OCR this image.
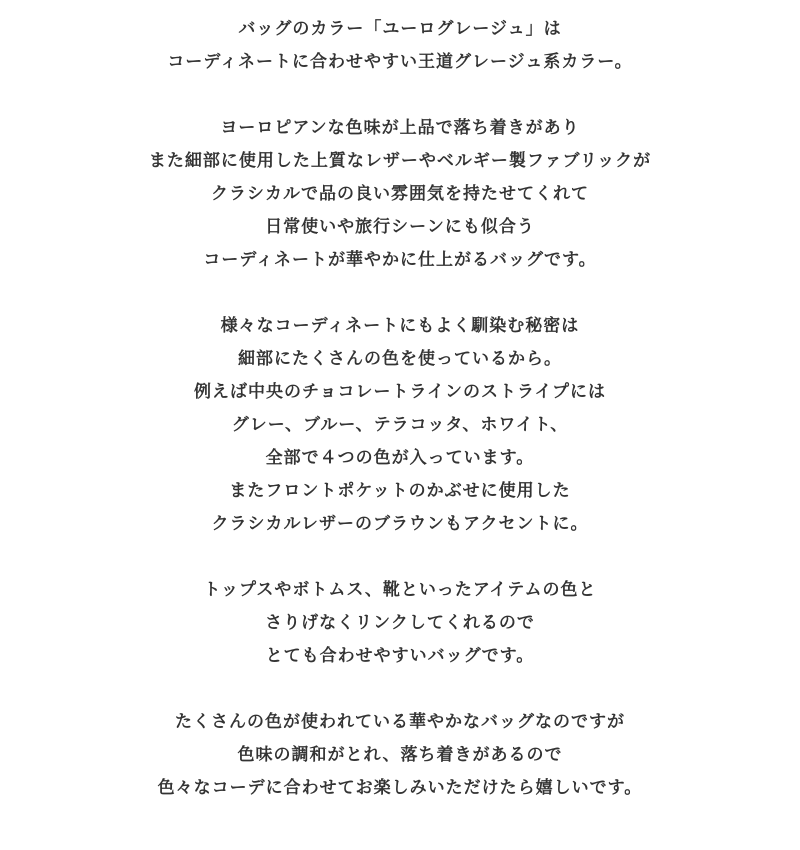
バッグのカラー「ユーログレージュ」は
コーディネートに合わせやすい王道グレージュ系カラー。
ヨーロピアンな色味が上品で落ち着きがあり
また細部に使用した上質なレザーやベルギー製ファブリックが
クラシカルで品の良い雰囲気を持たせてくれて
日常使いや旅行シーンにも似合う
コーディネートが華やかに仕上がるバッグです。
様々なコーディネートにもよく馴染む秘密は
細部にたくさんの色を使っているから。
例えば中央のチョコレートラインのストライプには
グレー、ブルー、テラコッタ、ホワイト、
全部で４つの色が入っています。
またフロントポケットのかぶせに使用した
クラシカルレザーのブラウンもアクセントに。
トップスやボトムス、靴といったアイテムの色と
さりげなくリンクしてくれるので
とても合わせやすいバッグです。
たくさんの色が使われている華やかなバッグなのですが
色味の調和がとれ、落ち着きがあるので
色々なコーデに合わせてお楽しみいただけたら嬉しいです。
